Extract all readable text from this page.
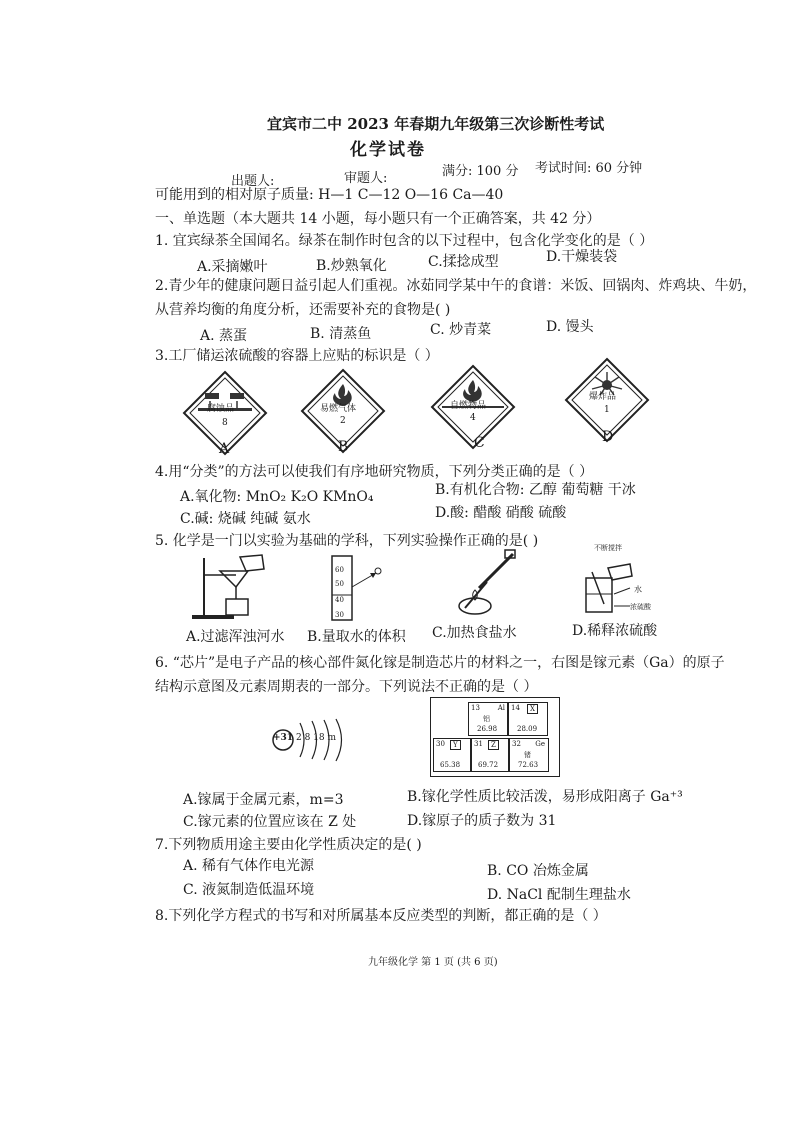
宜宾市二中 2023 年春期九年级第三次诊断性考试
化学试卷
出题人:	审题人:	满分: 100 分 考试时间: 60 分钟
可能用到的相对原子质量: H—1 C—12 O—16 Ca—40
一、单选题（本大题共 14 小题，每小题只有一个正确答案，共 42 分）
1. 宜宾绿茶全国闻名。绿茶在制作时包含的以下过程中，包含化学变化的是（ ）
A.采摘嫩叶	B.炒熟氧化	C.揉捻成型	D.干燥装袋
2.青少年的健康问题日益引起人们重视。冰茹同学某中午的食谱：米饭、回锅肉、炸鸡块、牛奶，
从营养均衡的角度分析，还需要补充的食物是( )
A. 蒸蛋	B. 清蒸鱼	C. 炒青菜	D. 馒头
3.工厂储运浓硫酸的容器上应贴的标识是（ ）
腐蚀品
8
A
易燃气体
2
B
自燃物品
4
C
爆炸品
1
D
4.用“分类”的方法可以使我们有序地研究物质，下列分类正确的是（ ）
A.氧化物: MnO₂ K₂O KMnO₄	B.有机化合物: 乙醇 葡萄糖 干冰
C.碱: 烧碱 纯碱 氨水	D.酸: 醋酸 硝酸 硫酸
5. 化学是一门以实验为基础的学科，下列实验操作正确的是( )
A.过滤浑浊河水
60
50
40
30
B.量取水的体积 C.加热食盐水
不断搅拌
水
浓硫酸
D.稀释浓硫酸
6. “芯片”是电子产品的核心部件氮化镓是制造芯片的材料之一，右图是镓元素（Ga）的原子
结构示意图及元素周期表的一部分。下列说法不正确的是（ ）
+31 2 8 18 m
13	Al
铝
26.98
14	X
28.09
30	Y
65.38
31	Z
69.72
32 Ge
锗
72.63
A.镓属于金属元素，m=3	B.镓化学性质比较活泼，易形成阳离子 Ga⁺³
C.镓元素的位置应该在 Z 处	D.镓原子的质子数为 31
7.下列物质用途主要由化学性质决定的是( )
A. 稀有气体作电光源	B. CO 冶炼金属
C. 液氮制造低温环境	D. NaCl 配制生理盐水
8.下列化学方程式的书写和对所属基本反应类型的判断，都正确的是（ ）
九年级化学 第 1 页 (共 6 页)
